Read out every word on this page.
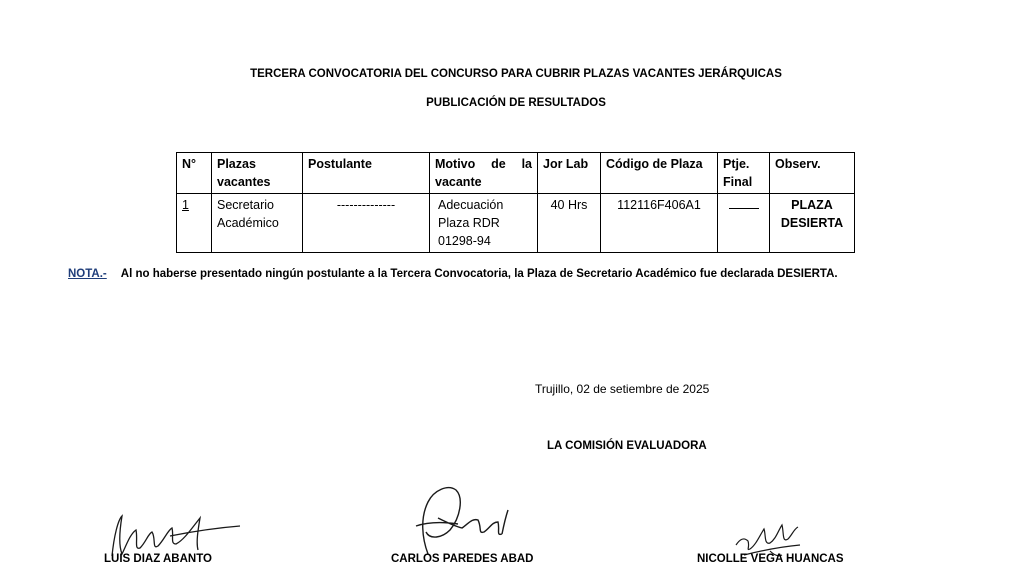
TERCERA CONVOCATORIA DEL CONCURSO PARA CUBRIR PLAZAS VACANTES JERÁRQUICAS
PUBLICACIÓN DE RESULTADOS
N°	Plazas vacantes	Postulante	Motivo de la vacante	Jor Lab	Código de Plaza	Ptje. Final	Observ.
1	Secretario Académico	--------------	Adecuación Plaza RDR 01298-94	40 Hrs	112116F406A1		PLAZA DESIERTA
NOTA.- Al no haberse presentado ningún postulante a la Tercera Convocatoria, la Plaza de Secretario Académico fue declarada DESIERTA.
Trujillo, 02 de setiembre de 2025
LA COMISIÓN EVALUADORA
LUIS DIAZ ABANTO	CARLOS PAREDES ABAD	NICOLLE VEGA HUANCAS
